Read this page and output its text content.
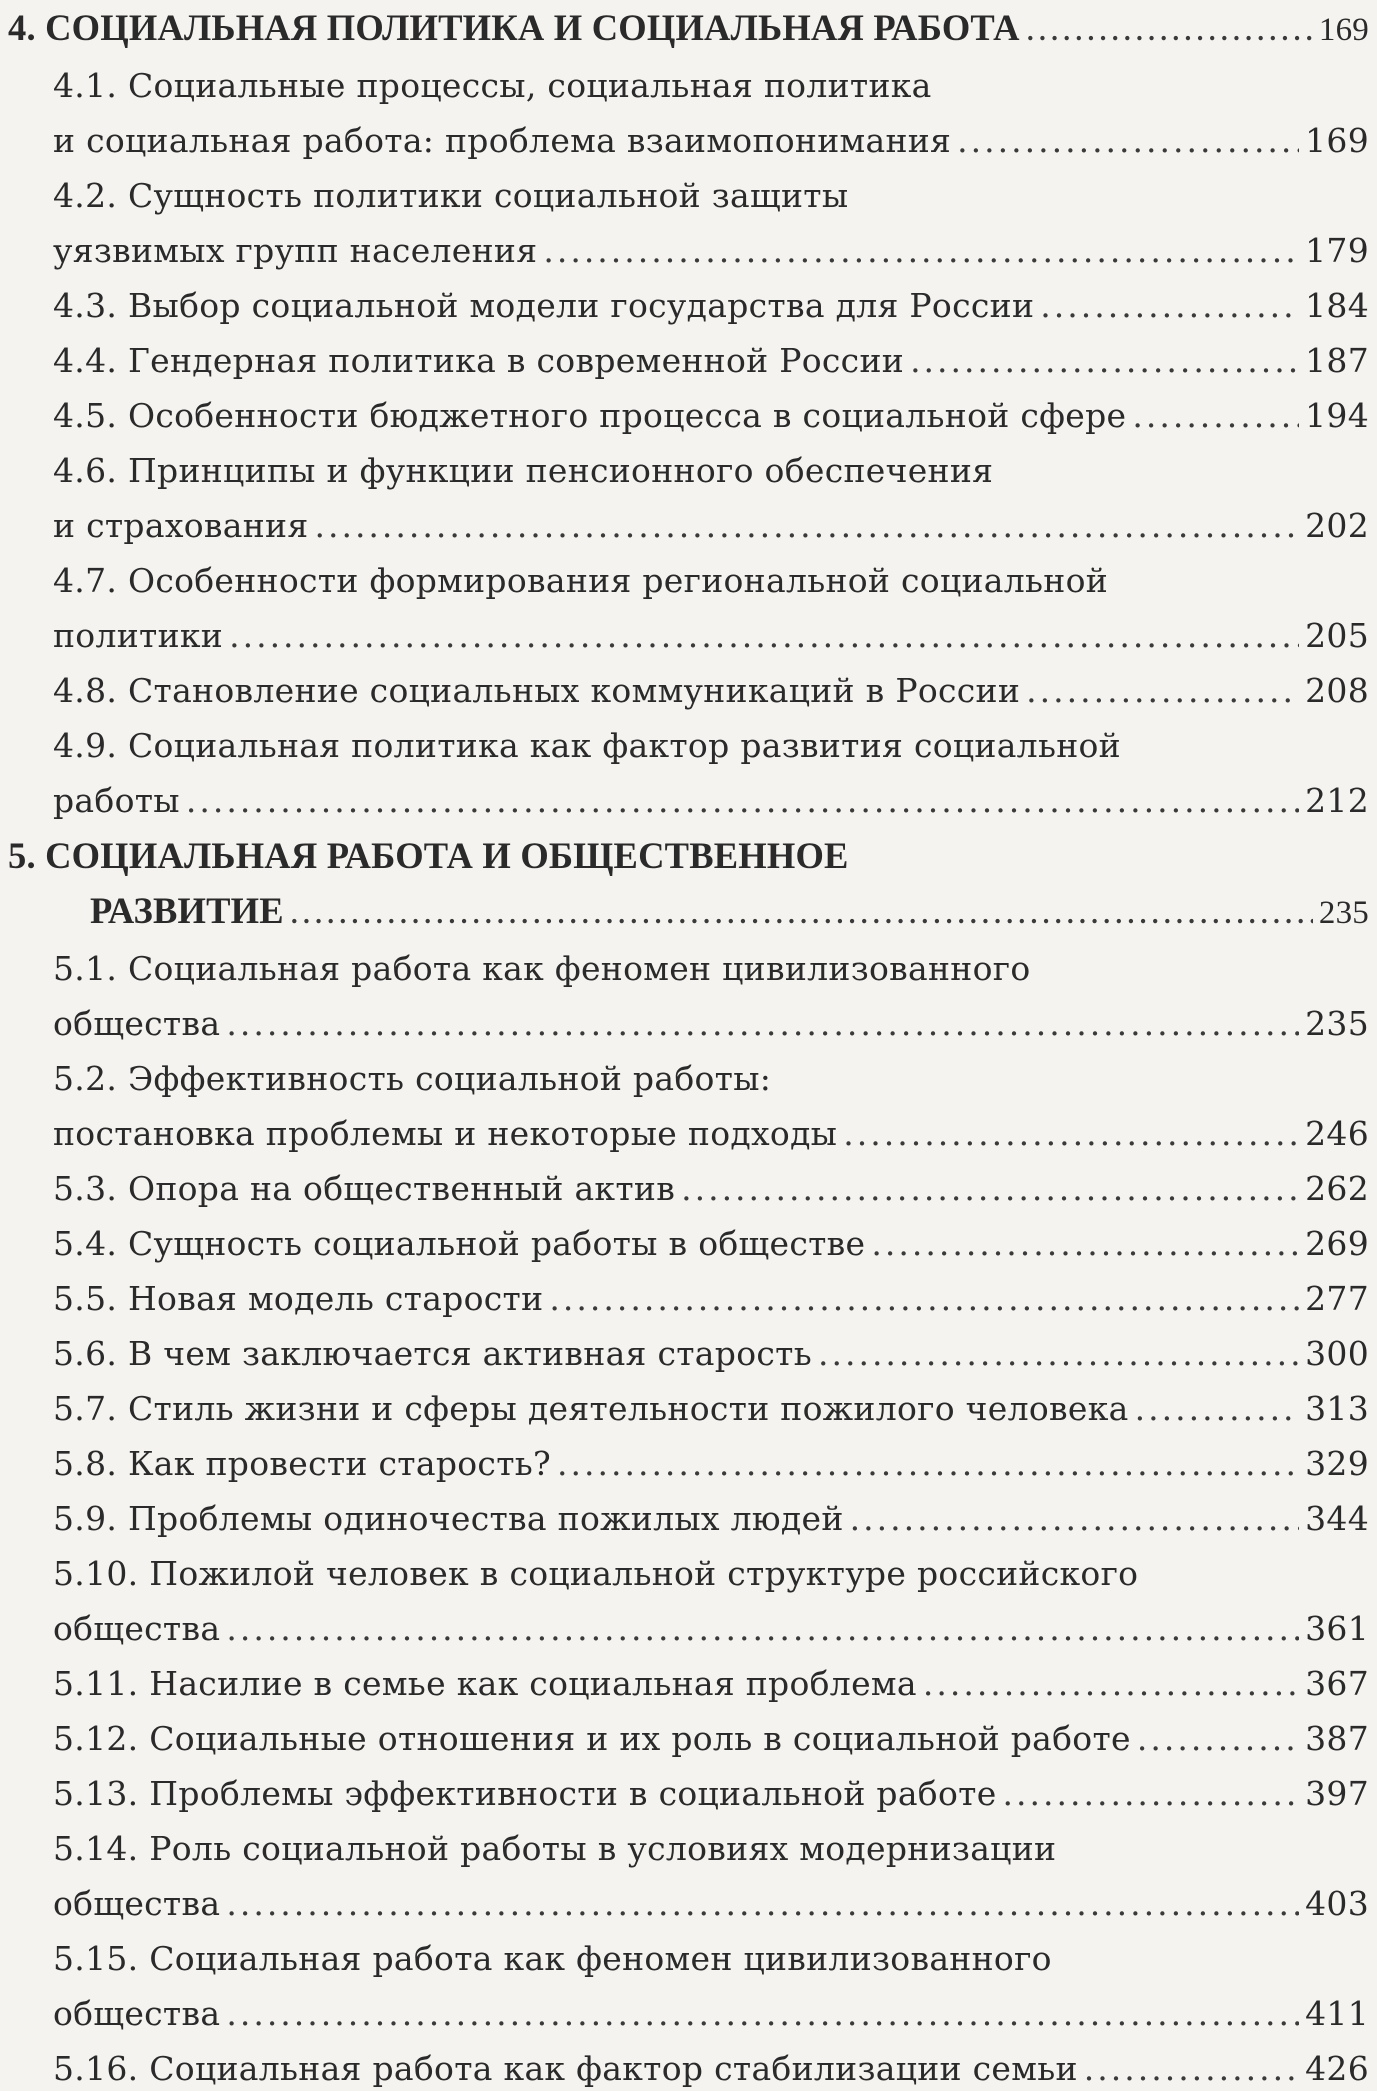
4. СОЦИАЛЬНАЯ ПОЛИТИКА И СОЦИАЛЬНАЯ РАБОТА .....	169
4.1. Социальные процессы, социальная политика
и социальная работа: проблема взаимопонимания .....	169
4.2. Сущность политики социальной защиты
уязвимых групп населения .....	179
4.3. Выбор социальной модели государства для России .....	184
4.4. Гендерная политика в современной России .....	187
4.5. Особенности бюджетного процесса в социальной сфере .....	194
4.6. Принципы и функции пенсионного обеспечения
и страхования .....	202
4.7. Особенности формирования региональной социальной
политики .....	205
4.8. Становление социальных коммуникаций в России .....	208
4.9. Социальная политика как фактор развития социальной
работы .....	212
5. СОЦИАЛЬНАЯ РАБОТА И ОБЩЕСТВЕННОЕ
РАЗВИТИЕ .....	235
5.1. Социальная работа как феномен цивилизованного
общества .....	235
5.2. Эффективность социальной работы:
постановка проблемы и некоторые подходы .....	246
5.3. Опора на общественный актив .....	262
5.4. Сущность социальной работы в обществе .....	269
5.5. Новая модель старости .....	277
5.6. В чем заключается активная старость .....	300
5.7. Стиль жизни и сферы деятельности пожилого человека .....	313
5.8. Как провести старость? .....	329
5.9. Проблемы одиночества пожилых людей .....	344
5.10. Пожилой человек в социальной структуре российского
общества .....	361
5.11. Насилие в семье как социальная проблема .....	367
5.12. Социальные отношения и их роль в социальной работе .....	387
5.13. Проблемы эффективности в социальной работе .....	397
5.14. Роль социальной работы в условиях модернизации
общества .....	403
5.15. Социальная работа как феномен цивилизованного
общества .....	411
5.16. Социальная работа как фактор стабилизации семьи .....	426
